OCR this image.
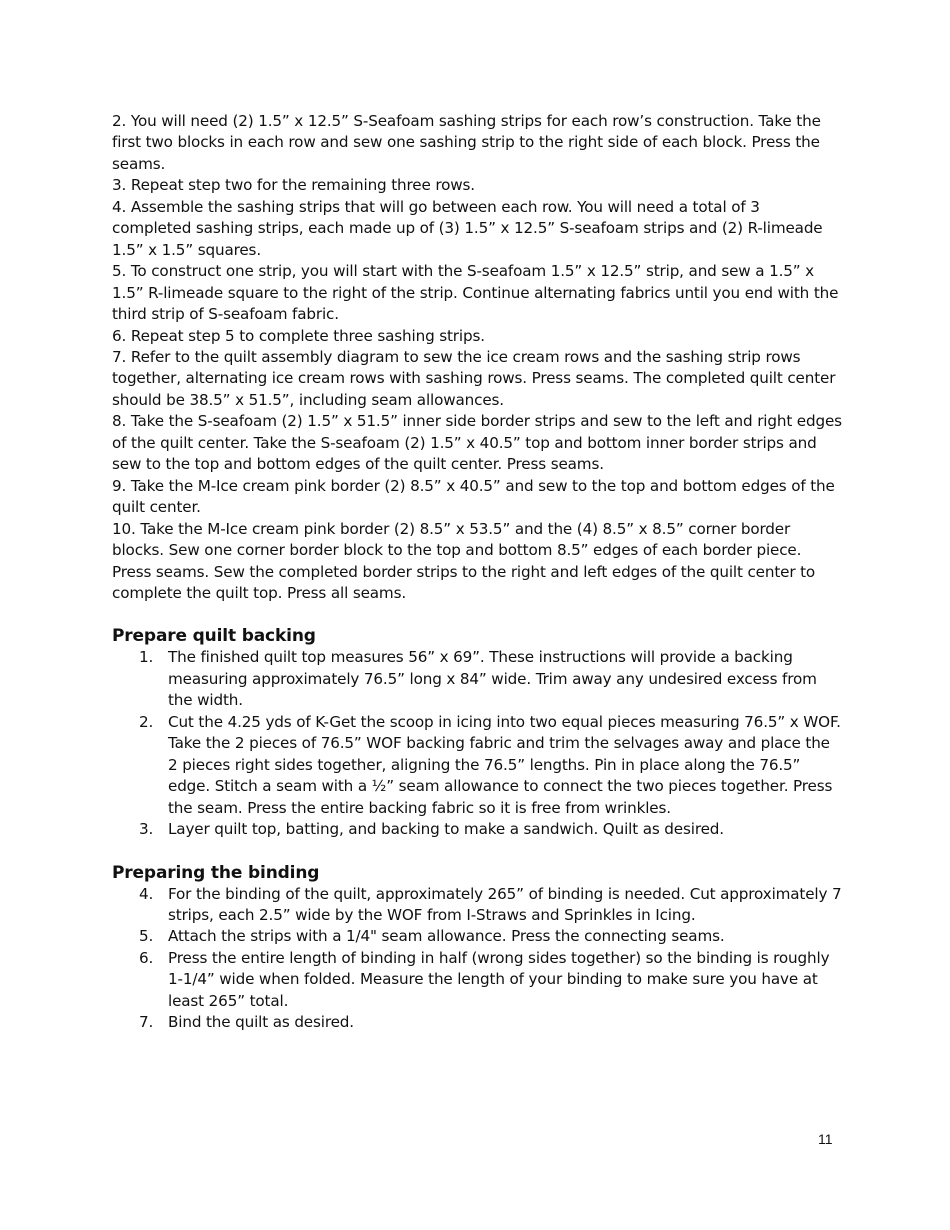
2. You will need (2) 1.5” x 12.5” S-Seafoam sashing strips for each row’s construction. Take the first two blocks in each row and sew one sashing strip to the right side of each block. Press the seams.

3. Repeat step two for the remaining three rows.

4. Assemble the sashing strips that will go between each row. You will need a total of 3 completed sashing strips, each made up of (3) 1.5” x 12.5” S-seafoam strips and (2) R-limeade 1.5” x 1.5” squares.

5. To construct one strip, you will start with the S-seafoam 1.5” x 12.5” strip, and sew a 1.5” x 1.5” R-limeade square to the right of the strip. Continue alternating fabrics until you end with the third strip of S-seafoam fabric.

6. Repeat step 5 to complete three sashing strips.

7. Refer to the quilt assembly diagram to sew the ice cream rows and the sashing strip rows together, alternating ice cream rows with sashing rows. Press seams. The completed quilt center should be 38.5” x 51.5”, including seam allowances.

8. Take the S-seafoam (2) 1.5” x 51.5” inner side border strips and sew to the left and right edges of the quilt center. Take the S-seafoam (2) 1.5” x 40.5” top and bottom inner border strips and sew to the top and bottom edges of the quilt center. Press seams.

9. Take the M-Ice cream pink border (2) 8.5” x 40.5” and sew to the top and bottom edges of the quilt center.

10. Take the M-Ice cream pink border (2) 8.5” x 53.5” and the (4) 8.5” x 8.5” corner border blocks. Sew one corner border block to the top and bottom 8.5” edges of each border piece. Press seams. Sew the completed border strips to the right and left edges of the quilt center to complete the quilt top. Press all seams.

Prepare quilt backing
1. The finished quilt top measures 56” x 69”. These instructions will provide a backing measuring approximately 76.5” long x 84” wide. Trim away any undesired excess from the width.
2. Cut the 4.25 yds of K-Get the scoop in icing into two equal pieces measuring 76.5” x WOF. Take the 2 pieces of 76.5” WOF backing fabric and trim the selvages away and place the 2 pieces right sides together, aligning the 76.5” lengths. Pin in place along the 76.5” edge. Stitch a seam with a ½” seam allowance to connect the two pieces together. Press the seam. Press the entire backing fabric so it is free from wrinkles.
3. Layer quilt top, batting, and backing to make a sandwich. Quilt as desired.
Preparing the binding
4. For the binding of the quilt, approximately 265” of binding is needed. Cut approximately 7 strips, each 2.5” wide by the WOF from I-Straws and Sprinkles in Icing.
5. Attach the strips with a 1/4" seam allowance. Press the connecting seams.
6. Press the entire length of binding in half (wrong sides together) so the binding is roughly 1-1/4” wide when folded. Measure the length of your binding to make sure you have at least 265” total.
7. Bind the quilt as desired.
11
